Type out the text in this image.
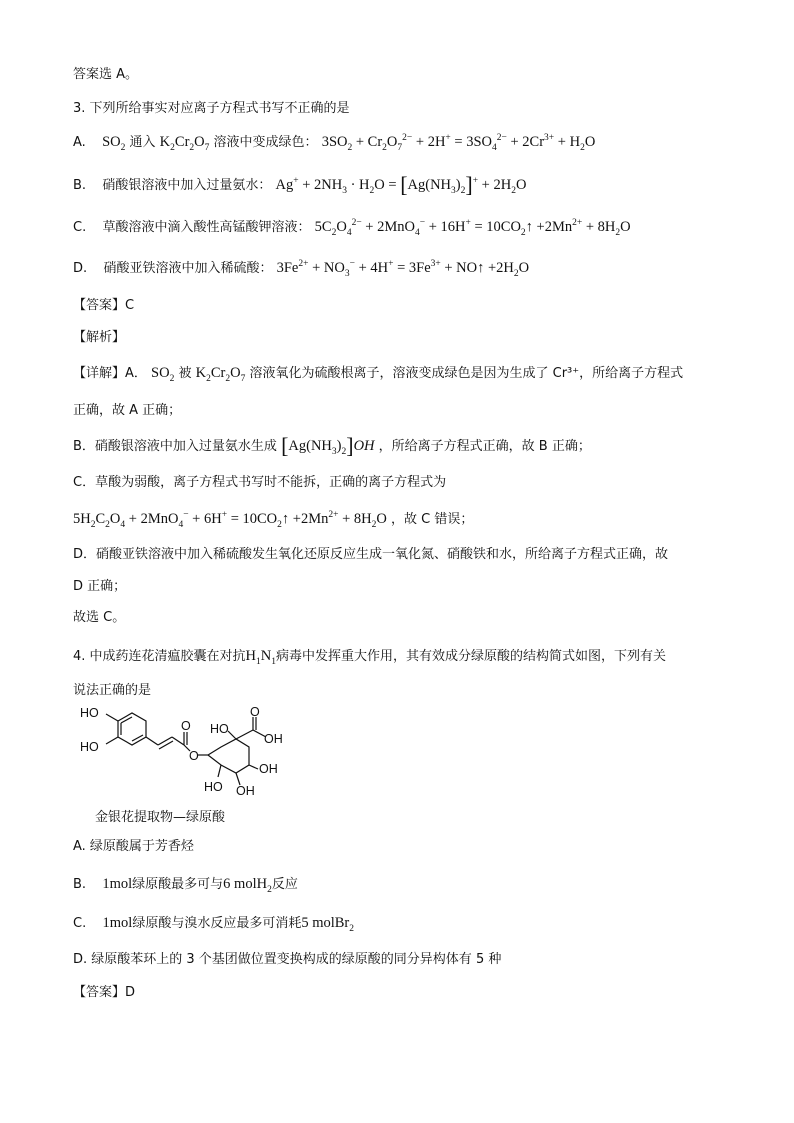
答案选 A。
3. 下列所给事实对应离子方程式书写不正确的是
A. $SO_2$ 通入 $K_2Cr_2O_7$ 溶液中变成绿色： $3SO_2 + Cr_2O_7^{2-} + 2H^+ = 3SO_4^{2-} + 2Cr^{3+} + H_2O$
B. 硝酸银溶液中加入过量氨水： $Ag^+ + 2NH_3 \cdot H_2O = [Ag(NH_3)_2]^+ + 2H_2O$
C. 草酸溶液中滴入酸性高锰酸钾溶液： $5C_2O_4^{2-} + 2MnO_4^- + 16H^+$ = $10CO_2↑ +2Mn^{2+} + 8H_2O$
D. 硝酸亚铁溶液中加入稀硫酸： $3Fe^{2+} + NO_3^- + 4H^+ = 3Fe^{3+}$ + NO↑ $+2H_2O$
【答案】C
【解析】
【详解】A． $SO_2$ 被 $K_2Cr_2O_7$ 溶液氧化为硫酸根离子，溶液变成绿色是因为生成了 Cr³⁺，所给离子方程式
正确，故 A 正确；
B．硝酸银溶液中加入过量氨水生成 $[Ag(NH_3)_2]OH$ ，所给离子方程式正确，故 B 正确；
C．草酸为弱酸，离子方程式书写时不能拆，正确的离子方程式为
$5H_2C_2O_4 + 2MnO_4^- + 6H^+$ = $10CO_2↑ +2Mn^{2+} + 8H_2O$ ，故 C 错误；
D．硝酸亚铁溶液中加入稀硫酸发生氧化还原反应生成一氧化氮、硝酸铁和水，所给离子方程式正确，故
D 正确；
故选 C。
4. 中成药连花清瘟胶囊在对抗$H_1N_1$病毒中发挥重大作用，其有效成分绿原酸的结构简式如图，下列有关
说法正确的是
HO
HO
O
O
HO
O
OH
OH
HO OH
金银花提取物—绿原酸
A. 绿原酸属于芳香烃
B. 1mol绿原酸最多可与6 molH$_2$反应
C. 1mol绿原酸与溴水反应最多可消耗5 molBr$_2$
D. 绿原酸苯环上的 3 个基团做位置变换构成的绿原酸的同分异构体有 5 种
【答案】D
